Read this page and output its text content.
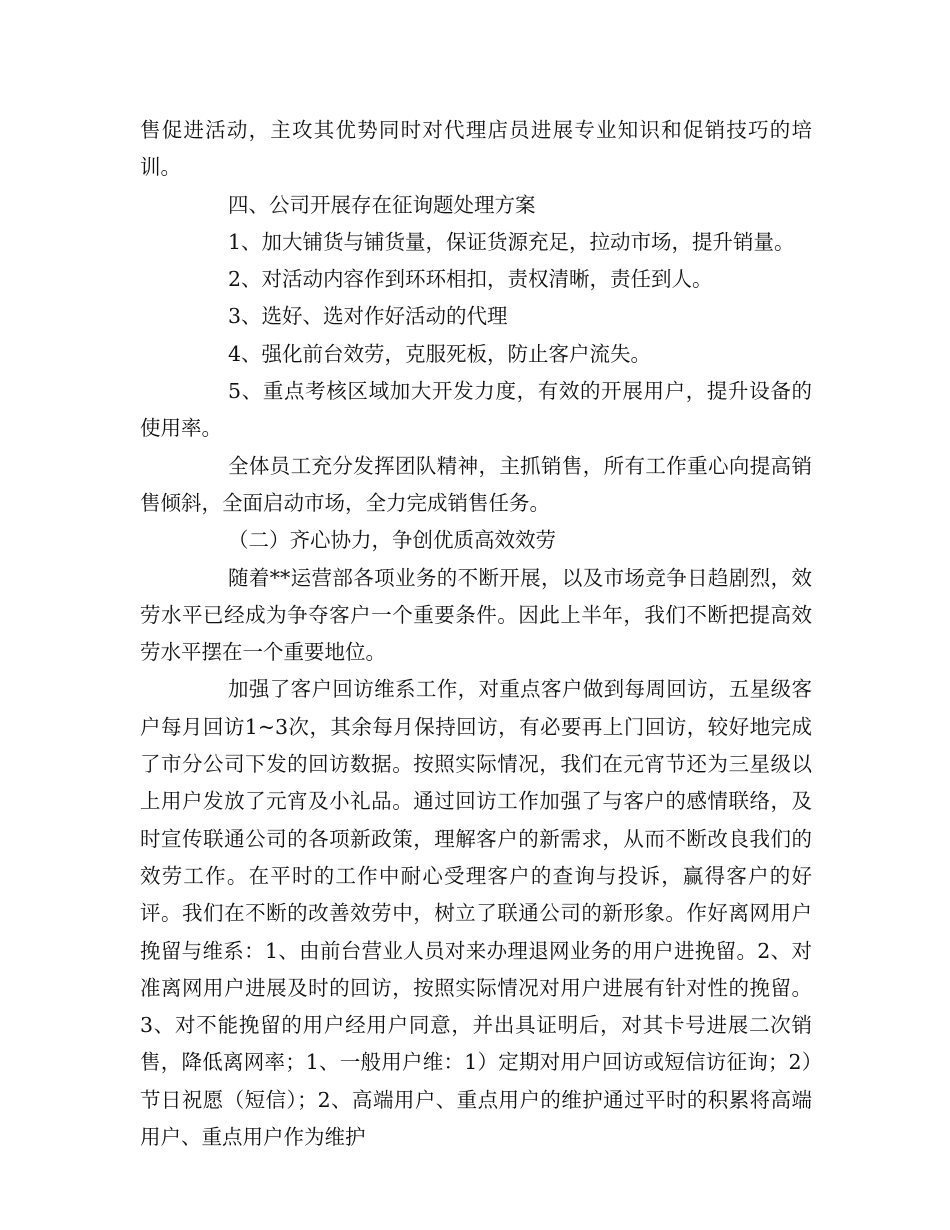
售促进活动，主攻其优势同时对代理店员进展专业知识和促销技巧的培训。

四、公司开展存在征询题处理方案

1、加大铺货与铺货量，保证货源充足，拉动市场，提升销量。

2、对活动内容作到环环相扣，责权清晰，责任到人。

3、选好、选对作好活动的代理

4、强化前台效劳，克服死板，防止客户流失。

5、重点考核区域加大开发力度，有效的开展用户，提升设备的使用率。

全体员工充分发挥团队精神，主抓销售，所有工作重心向提高销售倾斜，全面启动市场，全力完成销售任务。

（二）齐心协力，争创优质高效效劳

随着**运营部各项业务的不断开展，以及市场竞争日趋剧烈，效劳水平已经成为争夺客户一个重要条件。因此上半年，我们不断把提高效劳水平摆在一个重要地位。

加强了客户回访维系工作，对重点客户做到每周回访，五星级客户每月回访1~3次，其余每月保持回访，有必要再上门回访，较好地完成了市分公司下发的回访数据。按照实际情况，我们在元宵节还为三星级以上用户发放了元宵及小礼品。通过回访工作加强了与客户的感情联络，及时宣传联通公司的各项新政策，理解客户的新需求，从而不断改良我们的效劳工作。在平时的工作中耐心受理客户的查询与投诉，赢得客户的好评。我们在不断的改善效劳中，树立了联通公司的新形象。作好离网用户挽留与维系：1、由前台营业人员对来办理退网业务的用户进挽留。2、对准离网用户进展及时的回访，按照实际情况对用户进展有针对性的挽留。3、对不能挽留的用户经用户同意，并出具证明后，对其卡号进展二次销售，降低离网率；1、一般用户维：1）定期对用户回访或短信访征询；2）节日祝愿（短信）；2、高端用户、重点用户的维护通过平时的积累将高端用户、重点用户作为维护
